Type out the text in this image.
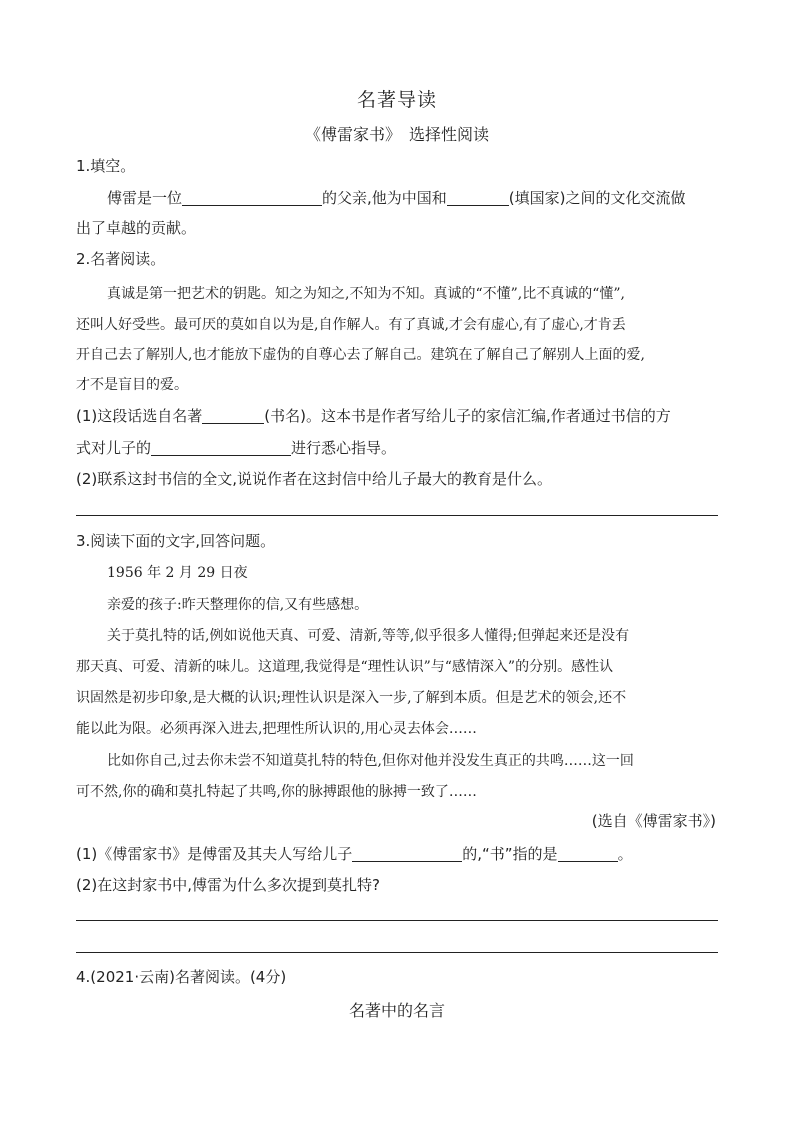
名著导读
《傅雷家书》　选择性阅读
1.填空。
傅雷是一位	的父亲,他为中国和	(填国家)之间的文化交流做
出了卓越的贡献。
2.名著阅读。
真诚是第一把艺术的钥匙。知之为知之,不知为不知。真诚的“不懂”,比不真诚的“懂”,
还叫人好受些。最可厌的莫如自以为是,自作解人。有了真诚,才会有虚心,有了虚心,才肯丢
开自己去了解别人,也才能放下虚伪的自尊心去了解自己。建筑在了解自己了解别人上面的爱,
才不是盲目的爱。
(1)这段话选自名著	(书名)。这本书是作者写给儿子的家信汇编,作者通过书信的方
式对儿子的	进行悉心指导。
(2)联系这封书信的全文,说说作者在这封信中给儿子最大的教育是什么。
3.阅读下面的文字,回答问题。
1956 年 2 月 29 日夜
亲爱的孩子:昨天整理你的信,又有些感想。
关于莫扎特的话,例如说他天真、可爱、清新,等等,似乎很多人懂得;但弹起来还是没有
那天真、可爱、清新的味儿。这道理,我觉得是“理性认识”与“感情深入”的分别。感性认
识固然是初步印象,是大概的认识;理性认识是深入一步,了解到本质。但是艺术的领会,还不
能以此为限。必须再深入进去,把理性所认识的,用心灵去体会……
比如你自己,过去你未尝不知道莫扎特的特色,但你对他并没发生真正的共鸣……这一回
可不然,你的确和莫扎特起了共鸣,你的脉搏跟他的脉搏一致了……
(选自《傅雷家书》)
(1)《傅雷家书》是傅雷及其夫人写给儿子	的,“书”指的是	。
(2)在这封家书中,傅雷为什么多次提到莫扎特?
4.(2021·云南)名著阅读。(4分)
名著中的名言
